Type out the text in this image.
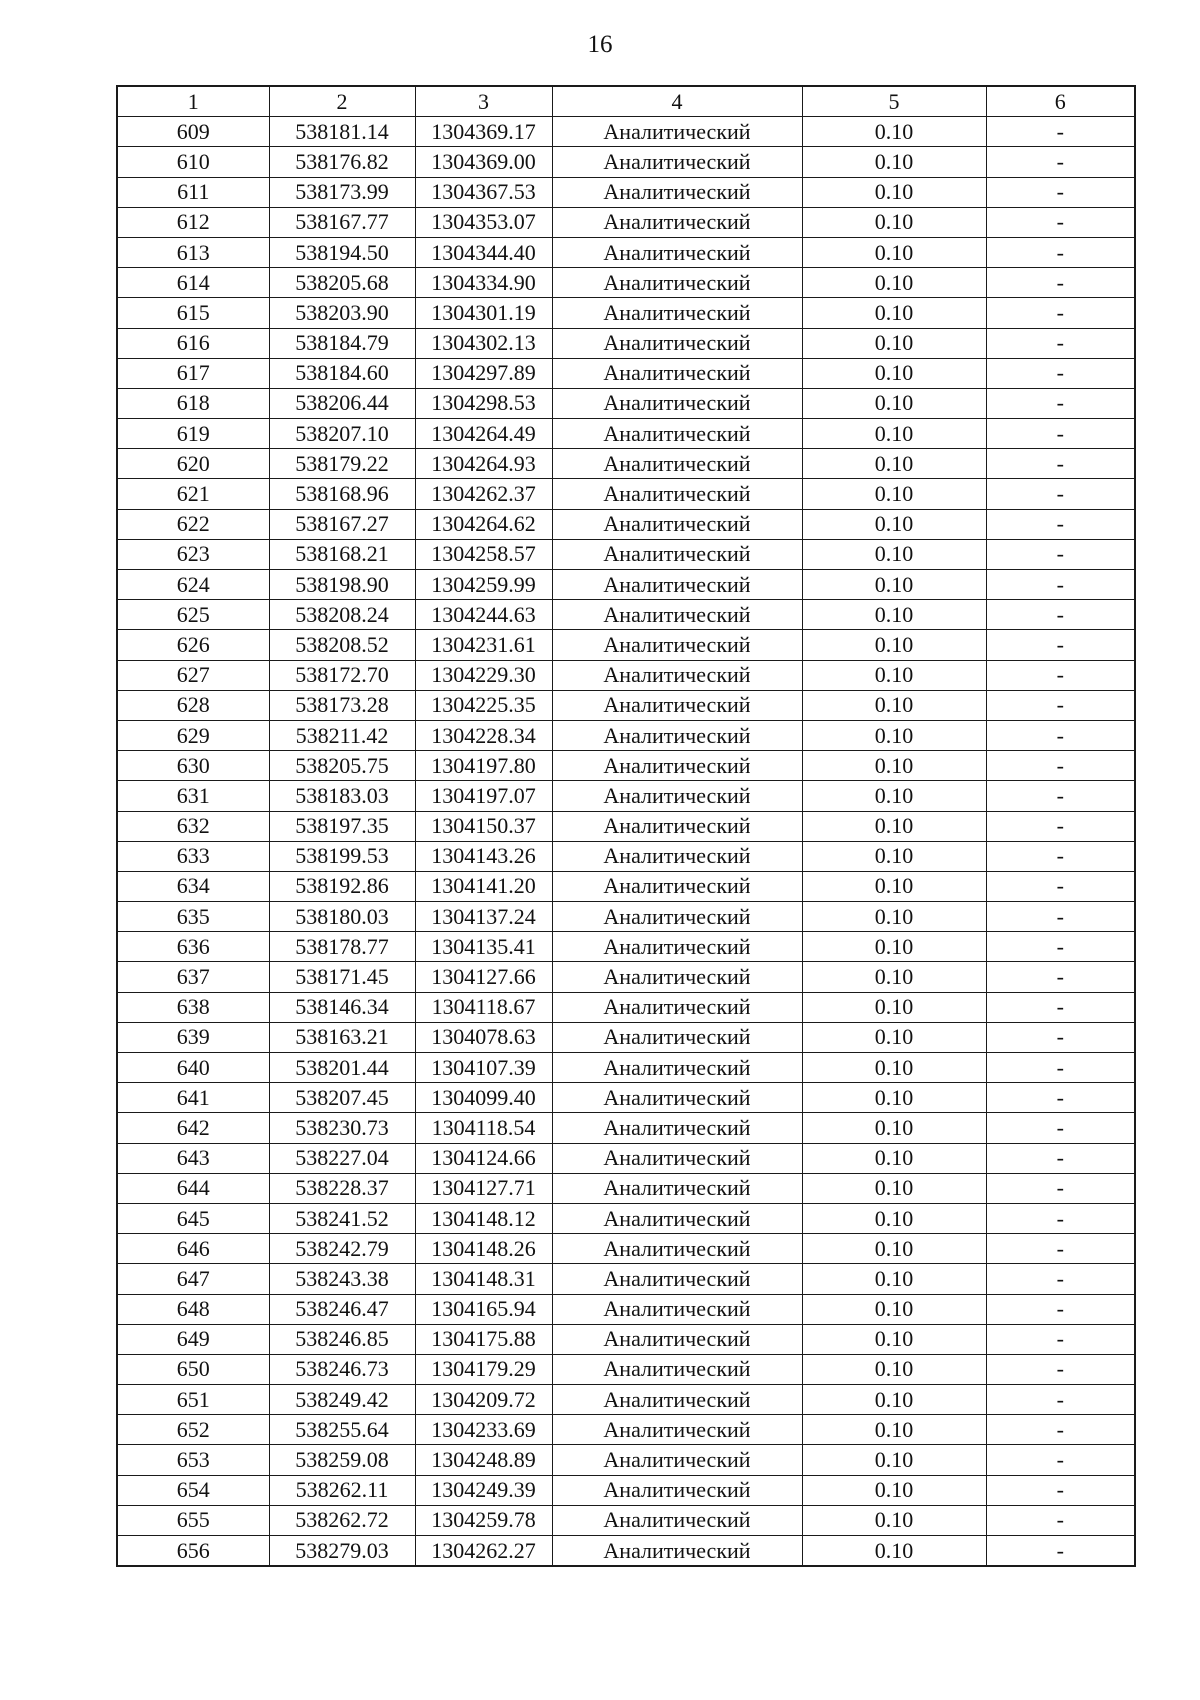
16
1	2	3	4	5	6
609	538181.14	1304369.17	Аналитический	0.10	-
610	538176.82	1304369.00	Аналитический	0.10	-
611	538173.99	1304367.53	Аналитический	0.10	-
612	538167.77	1304353.07	Аналитический	0.10	-
613	538194.50	1304344.40	Аналитический	0.10	-
614	538205.68	1304334.90	Аналитический	0.10	-
615	538203.90	1304301.19	Аналитический	0.10	-
616	538184.79	1304302.13	Аналитический	0.10	-
617	538184.60	1304297.89	Аналитический	0.10	-
618	538206.44	1304298.53	Аналитический	0.10	-
619	538207.10	1304264.49	Аналитический	0.10	-
620	538179.22	1304264.93	Аналитический	0.10	-
621	538168.96	1304262.37	Аналитический	0.10	-
622	538167.27	1304264.62	Аналитический	0.10	-
623	538168.21	1304258.57	Аналитический	0.10	-
624	538198.90	1304259.99	Аналитический	0.10	-
625	538208.24	1304244.63	Аналитический	0.10	-
626	538208.52	1304231.61	Аналитический	0.10	-
627	538172.70	1304229.30	Аналитический	0.10	-
628	538173.28	1304225.35	Аналитический	0.10	-
629	538211.42	1304228.34	Аналитический	0.10	-
630	538205.75	1304197.80	Аналитический	0.10	-
631	538183.03	1304197.07	Аналитический	0.10	-
632	538197.35	1304150.37	Аналитический	0.10	-
633	538199.53	1304143.26	Аналитический	0.10	-
634	538192.86	1304141.20	Аналитический	0.10	-
635	538180.03	1304137.24	Аналитический	0.10	-
636	538178.77	1304135.41	Аналитический	0.10	-
637	538171.45	1304127.66	Аналитический	0.10	-
638	538146.34	1304118.67	Аналитический	0.10	-
639	538163.21	1304078.63	Аналитический	0.10	-
640	538201.44	1304107.39	Аналитический	0.10	-
641	538207.45	1304099.40	Аналитический	0.10	-
642	538230.73	1304118.54	Аналитический	0.10	-
643	538227.04	1304124.66	Аналитический	0.10	-
644	538228.37	1304127.71	Аналитический	0.10	-
645	538241.52	1304148.12	Аналитический	0.10	-
646	538242.79	1304148.26	Аналитический	0.10	-
647	538243.38	1304148.31	Аналитический	0.10	-
648	538246.47	1304165.94	Аналитический	0.10	-
649	538246.85	1304175.88	Аналитический	0.10	-
650	538246.73	1304179.29	Аналитический	0.10	-
651	538249.42	1304209.72	Аналитический	0.10	-
652	538255.64	1304233.69	Аналитический	0.10	-
653	538259.08	1304248.89	Аналитический	0.10	-
654	538262.11	1304249.39	Аналитический	0.10	-
655	538262.72	1304259.78	Аналитический	0.10	-
656	538279.03	1304262.27	Аналитический	0.10	-
